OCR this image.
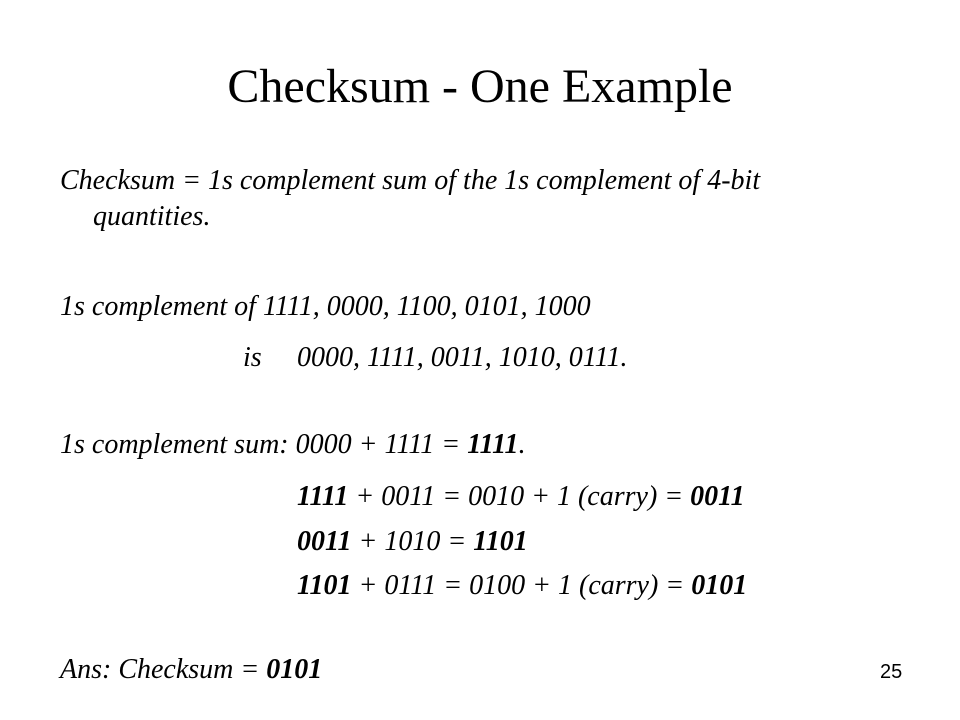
Checksum - One Example
Checksum = 1s complement sum of the 1s complement of 4-bit
quantities.
1s complement of 1111, 0000, 1100, 0101, 1000
is 0000, 1111, 0011, 1010, 0111.
1s complement sum: 0000 + 1111 = 1111.
1111 + 0011 = 0010 + 1 (carry) = 0011
0011 + 1010 = 1101
1101 + 0111 = 0100 + 1 (carry) = 0101
Ans: Checksum = 0101	25
